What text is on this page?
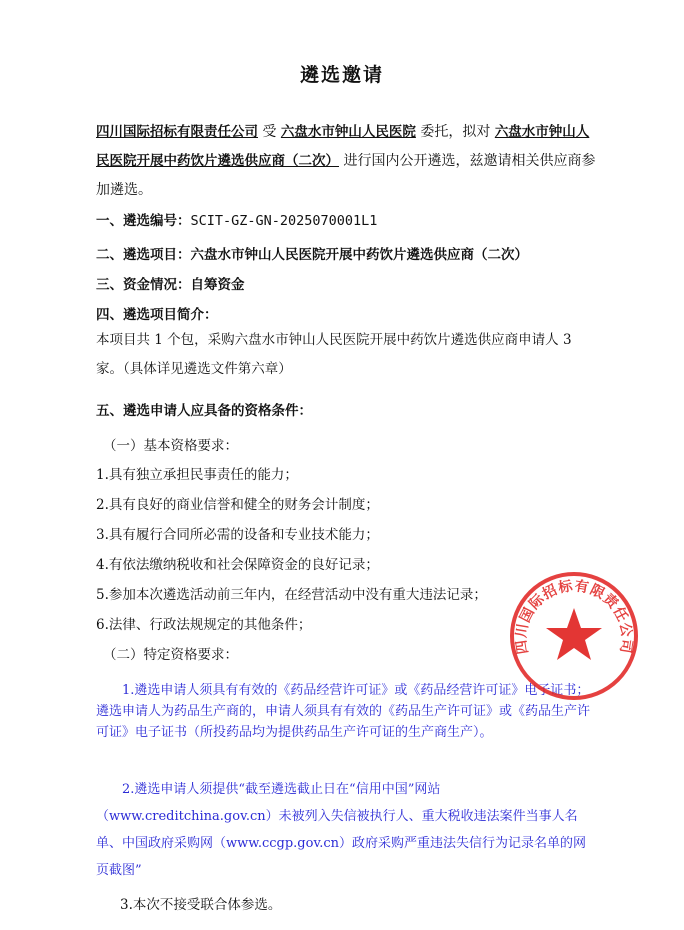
遴选邀请
四川国际招标有限责任公司 受 六盘水市钟山人民医院 委托，拟对 六盘水市钟山人民医院开展中药饮片遴选供应商（二次） 进行国内公开遴选，兹邀请相关供应商参加遴选。
一、遴选编号：SCIT-GZ-GN-2025070001L1
二、遴选项目：六盘水市钟山人民医院开展中药饮片遴选供应商（二次）
三、资金情况：自筹资金
四、遴选项目简介：
本项目共 1 个包，采购六盘水市钟山人民医院开展中药饮片遴选供应商申请人 3 家。（具体详见遴选文件第六章）
五、遴选申请人应具备的资格条件：
（一）基本资格要求：
1.具有独立承担民事责任的能力；
2.具有良好的商业信誉和健全的财务会计制度；
3.具有履行合同所必需的设备和专业技术能力；
4.有依法缴纳税收和社会保障资金的良好记录；
5.参加本次遴选活动前三年内，在经营活动中没有重大违法记录；
6.法律、行政法规规定的其他条件；
（二）特定资格要求：
1.遴选申请人须具有有效的《药品经营许可证》或《药品经营许可证》电子证书；遴选申请人为药品生产商的，申请人须具有有效的《药品生产许可证》或《药品生产许可证》电子证书（所投药品均为提供药品生产许可证的生产商生产）。
2.遴选申请人须提供“截至遴选截止日在“信用中国”网站（www.creditchina.gov.cn）未被列入失信被执行人、重大税收违法案件当事人名单、中国政府采购网（www.ccgp.gov.cn）政府采购严重违法失信行为记录名单的网页截图”
3.本次不接受联合体参选。
四川国际招标有限责任公司
